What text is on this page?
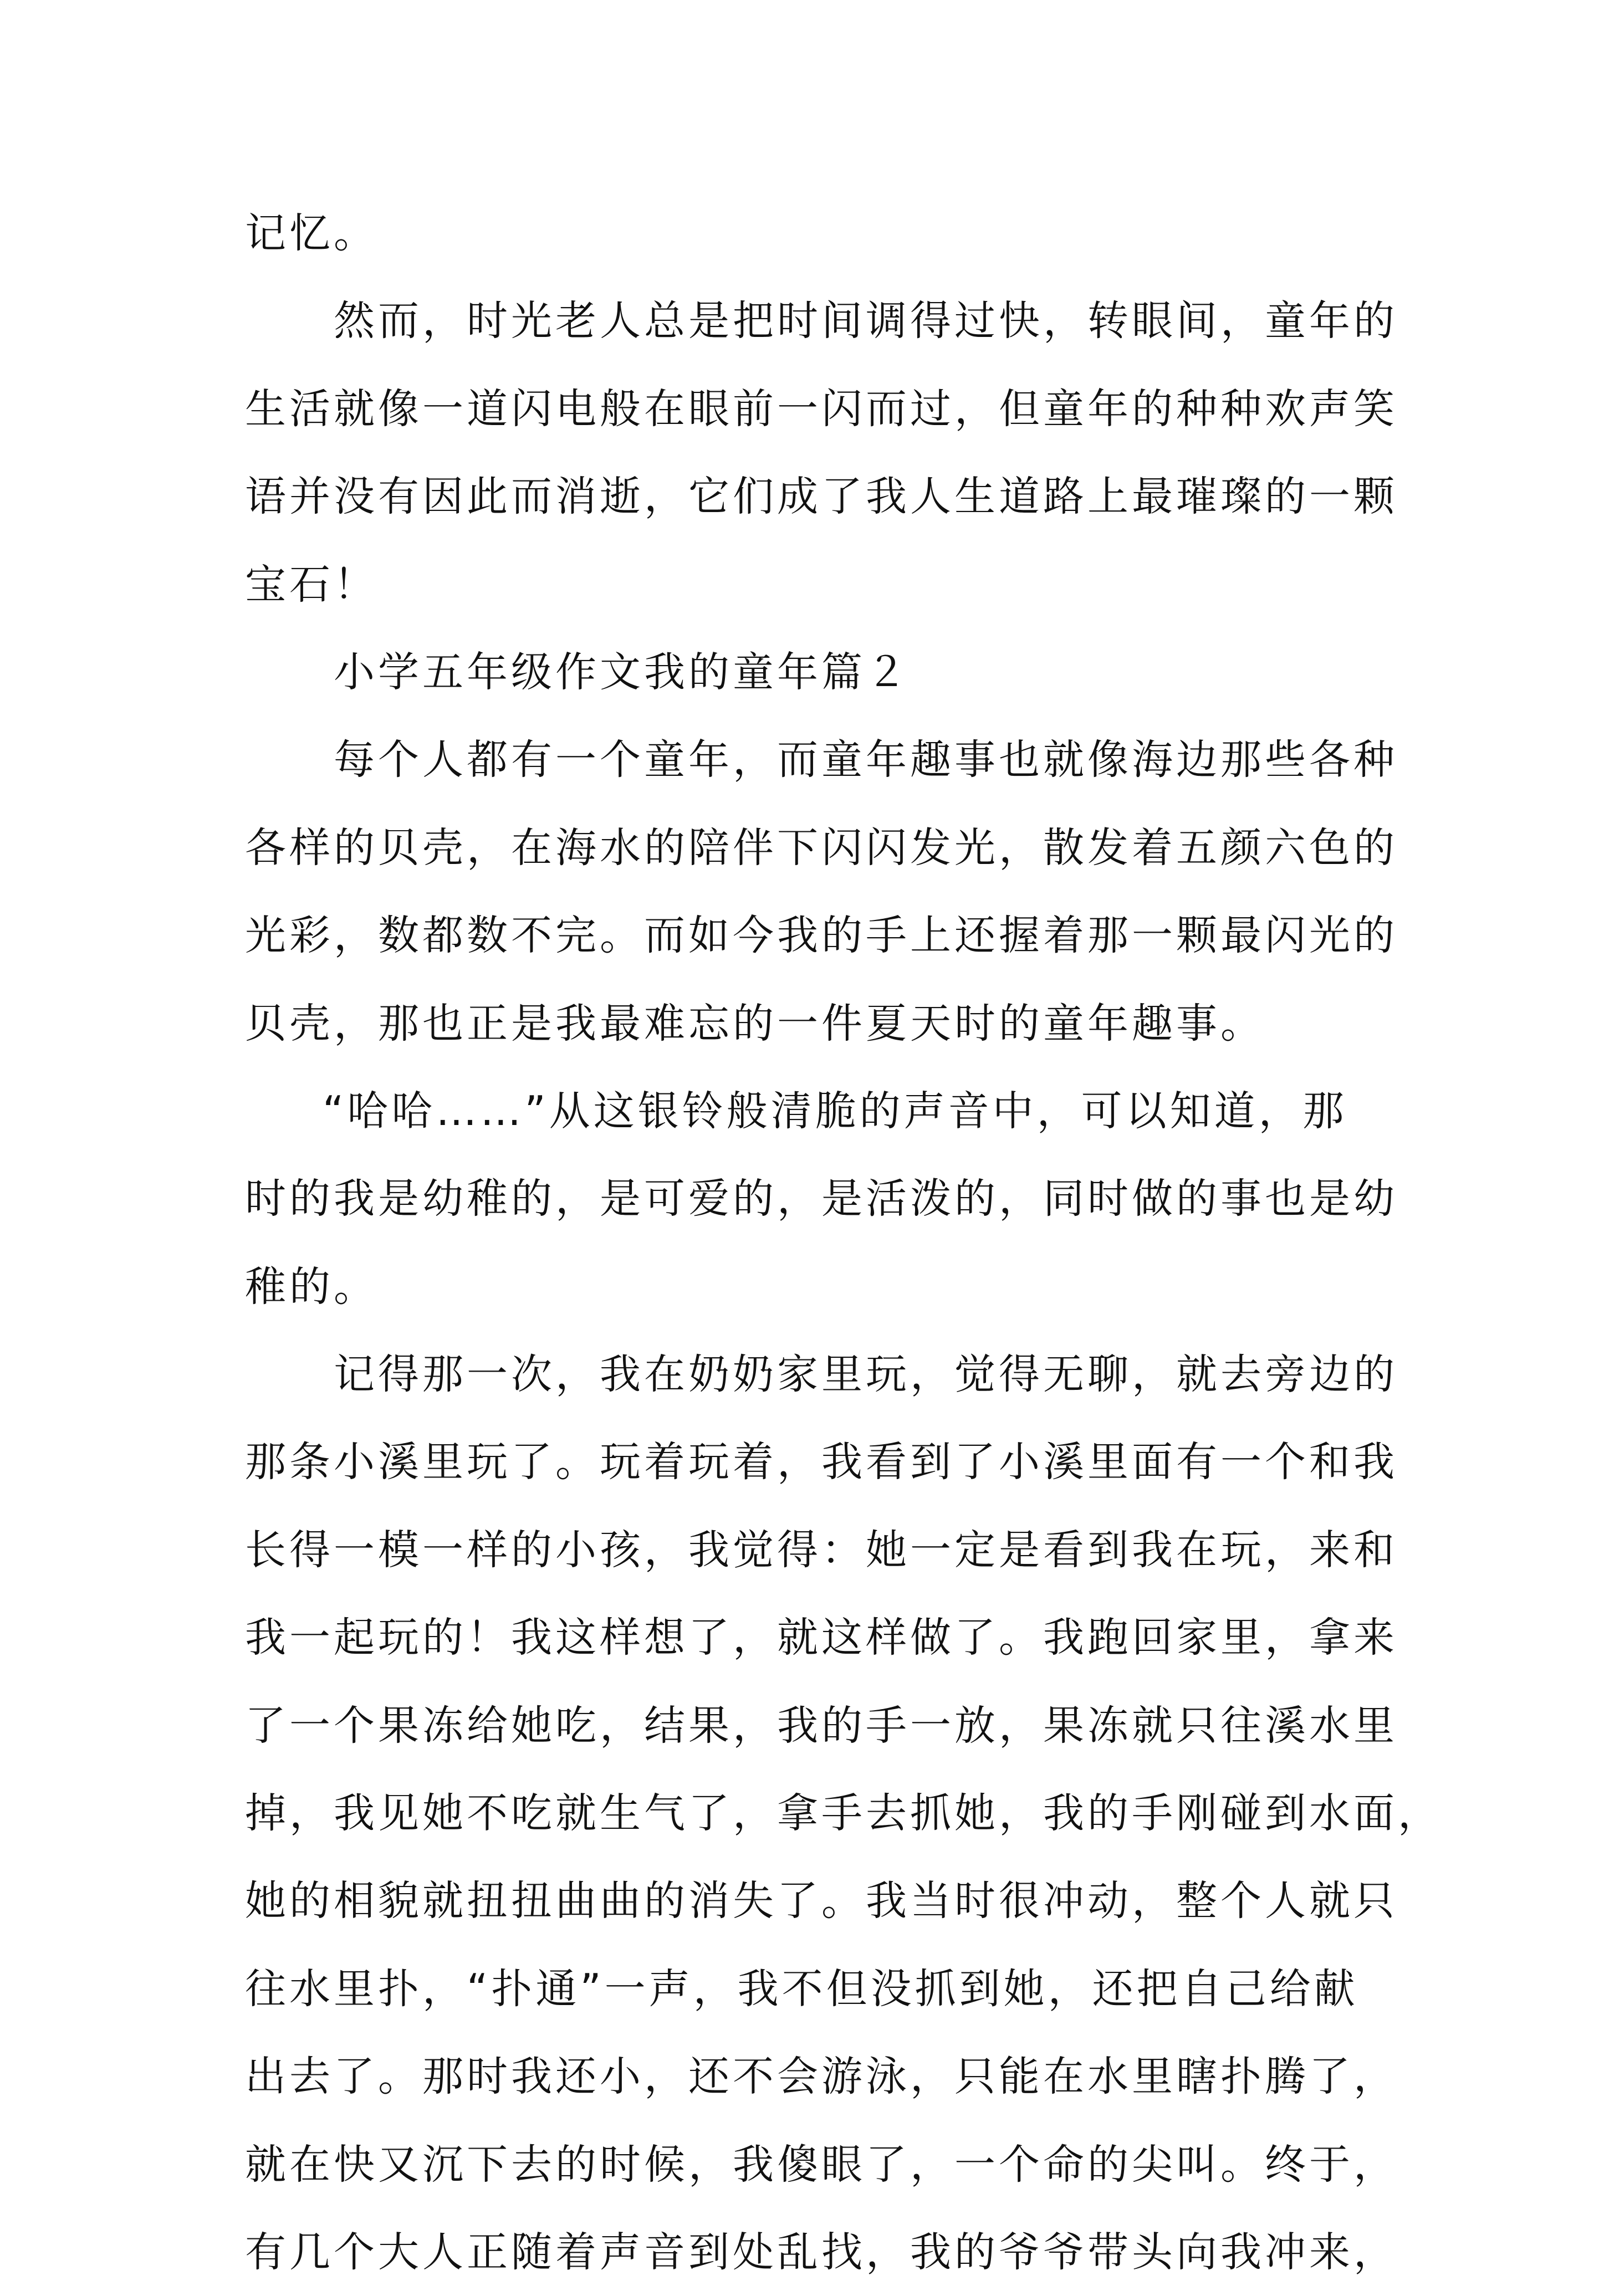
记忆。
然而，时光老人总是把时间调得过快，转眼间，童年的
生活就像一道闪电般在眼前一闪而过，但童年的种种欢声笑
语并没有因此而消逝，它们成了我人生道路上最璀璨的一颗
宝石！
小学五年级作文我的童年篇２
每个人都有一个童年，而童年趣事也就像海边那些各种
各样的贝壳，在海水的陪伴下闪闪发光，散发着五颜六色的
光彩，数都数不完。而如今我的手上还握着那一颗最闪光的
贝壳，那也正是我最难忘的一件夏天时的童年趣事。
“哈哈……”从这银铃般清脆的声音中，可以知道，那
时的我是幼稚的，是可爱的，是活泼的，同时做的事也是幼
稚的。
记得那一次，我在奶奶家里玩，觉得无聊，就去旁边的
那条小溪里玩了。玩着玩着，我看到了小溪里面有一个和我
长得一模一样的小孩，我觉得：她一定是看到我在玩，来和
我一起玩的！我这样想了，就这样做了。我跑回家里，拿来
了一个果冻给她吃，结果，我的手一放，果冻就只往溪水里
掉，我见她不吃就生气了，拿手去抓她，我的手刚碰到水面，
她的相貌就扭扭曲曲的消失了。我当时很冲动，整个人就只
往水里扑，“扑通”一声，我不但没抓到她，还把自己给献
出去了。那时我还小，还不会游泳，只能在水里瞎扑腾了，
就在快又沉下去的时候，我傻眼了，一个命的尖叫。终于，
有几个大人正随着声音到处乱找，我的爷爷带头向我冲来，
